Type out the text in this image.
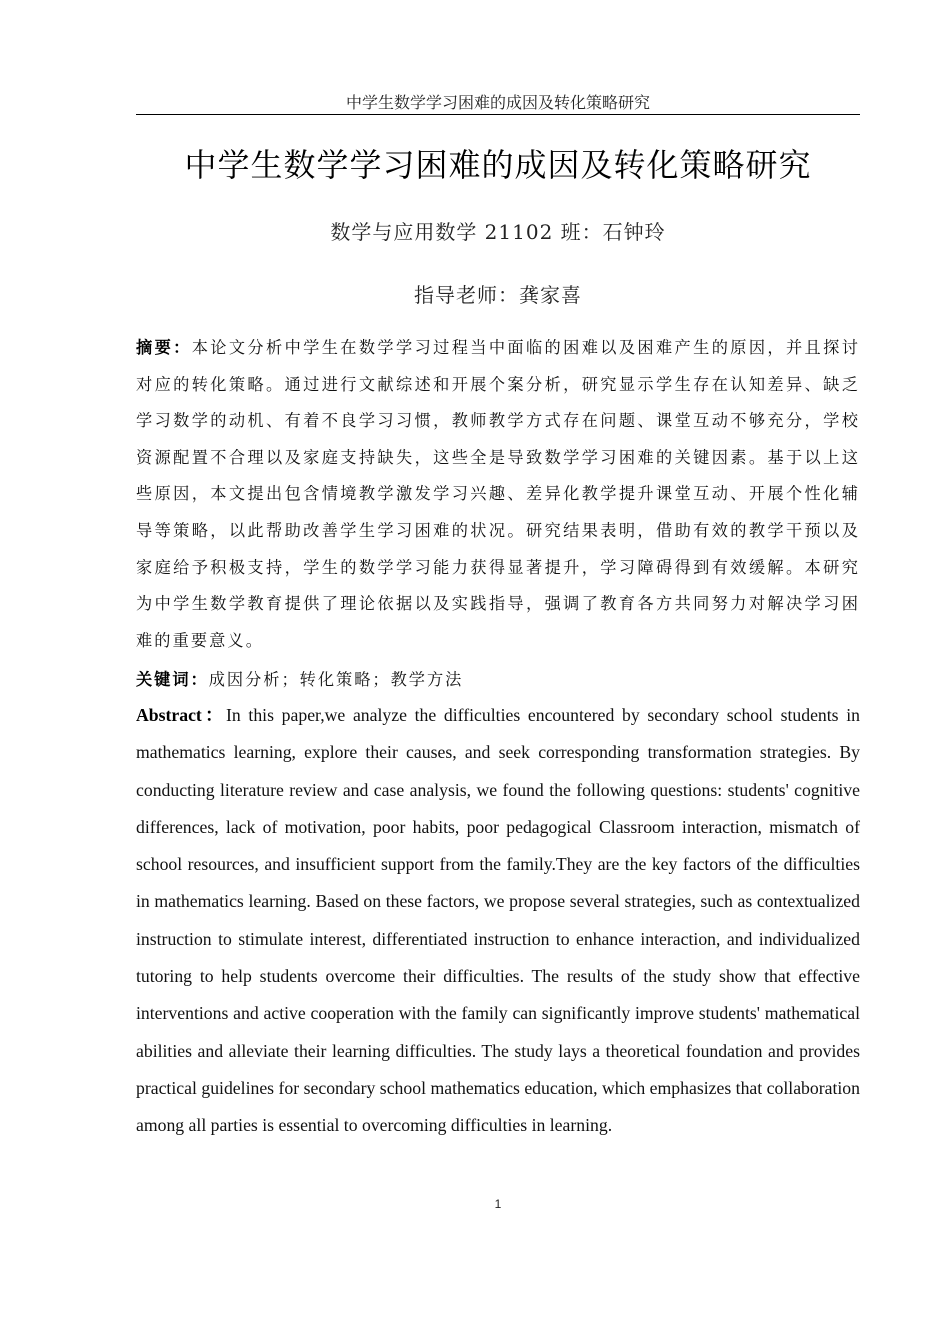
中学生数学学习困难的成因及转化策略研究
中学生数学学习困难的成因及转化策略研究
数学与应用数学 21102 班：石钟玲
指导老师：龚家喜

摘要：本论文分析中学生在数学学习过程当中面临的困难以及困难产生的原因，并且探讨对应的转化策略。通过进行文献综述和开展个案分析，研究显示学生存在认知差异、缺乏学习数学的动机、有着不良学习习惯，教师教学方式存在问题、课堂互动不够充分，学校资源配置不合理以及家庭支持缺失，这些全是导致数学学习困难的关键因素。基于以上这些原因，本文提出包含情境教学激发学习兴趣、差异化教学提升课堂互动、开展个性化辅导等策略，以此帮助改善学生学习困难的状况。研究结果表明，借助有效的教学干预以及家庭给予积极支持，学生的数学学习能力获得显著提升，学习障碍得到有效缓解。本研究为中学生数学教育提供了理论依据以及实践指导，强调了教育各方共同努力对解决学习困难的重要意义。

关键词：成因分析；转化策略；教学方法

Abstract：In this paper,we analyze the difficulties encountered by secondary school students in mathematics learning, explore their causes, and seek corresponding transformation strategies. By conducting literature review and case analysis, we found the following questions: students' cognitive differences, lack of motivation, poor habits, poor pedagogical Classroom interaction, mismatch of school resources, and insufficient support from the family.They are the key factors of the difficulties in mathematics learning. Based on these factors, we propose several strategies, such as contextualized instruction to stimulate interest, differentiated instruction to enhance interaction, and individualized tutoring to help students overcome their difficulties. The results of the study show that effective interventions and active cooperation with the family can significantly improve students' mathematical abilities and alleviate their learning difficulties. The study lays a theoretical foundation and provides practical guidelines for secondary school mathematics education, which emphasizes that collaboration among all parties is essential to overcoming difficulties in learning.

1
